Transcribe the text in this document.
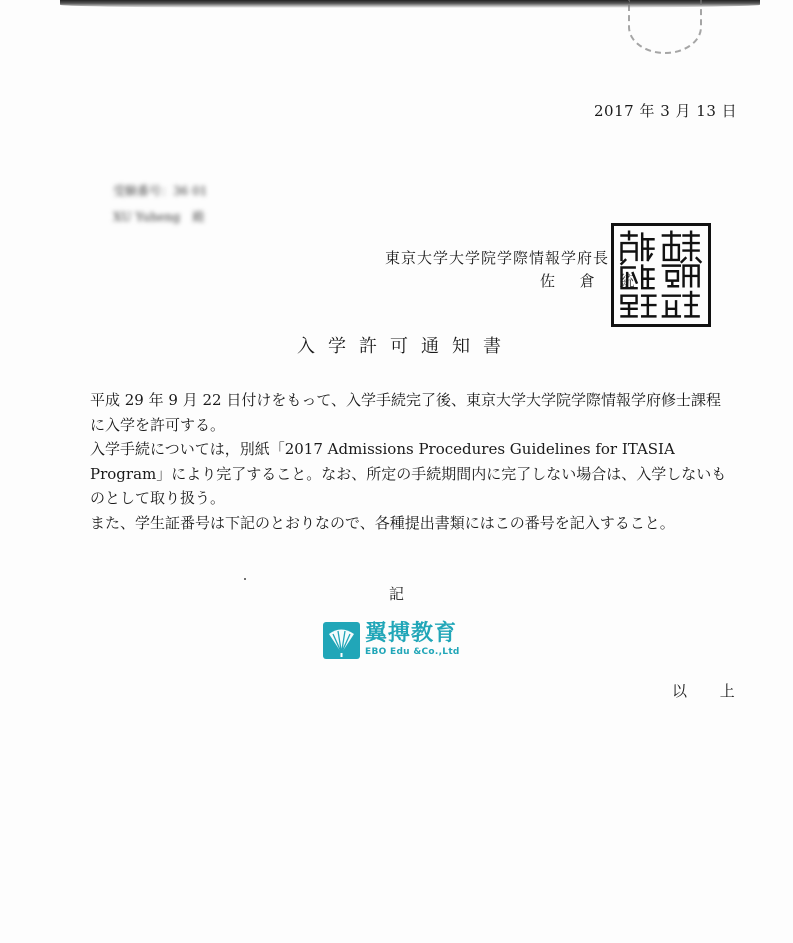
2017 年 3 月 13 日
受験番号：36 01
XU Yuheng　殿
東京大学大学院学際情報学府長
佐 倉 統
入学許可通知書

平成 29 年 9 月 22 日付けをもって、入学手続完了後、東京大学大学院学際情報学府修士課程に入学を許可する。

入学手続については，別紙「2017 Admissions Procedures Guidelines for ITASIA Program」により完了すること。なお、所定の手続期間内に完了しない場合は、入学しないものとして取り扱う。

また、学生証番号は下記のとおりなので、各種提出書類にはこの番号を記入すること。

記
翼搏教育
EBO Edu &Co.,Ltd
以 上
